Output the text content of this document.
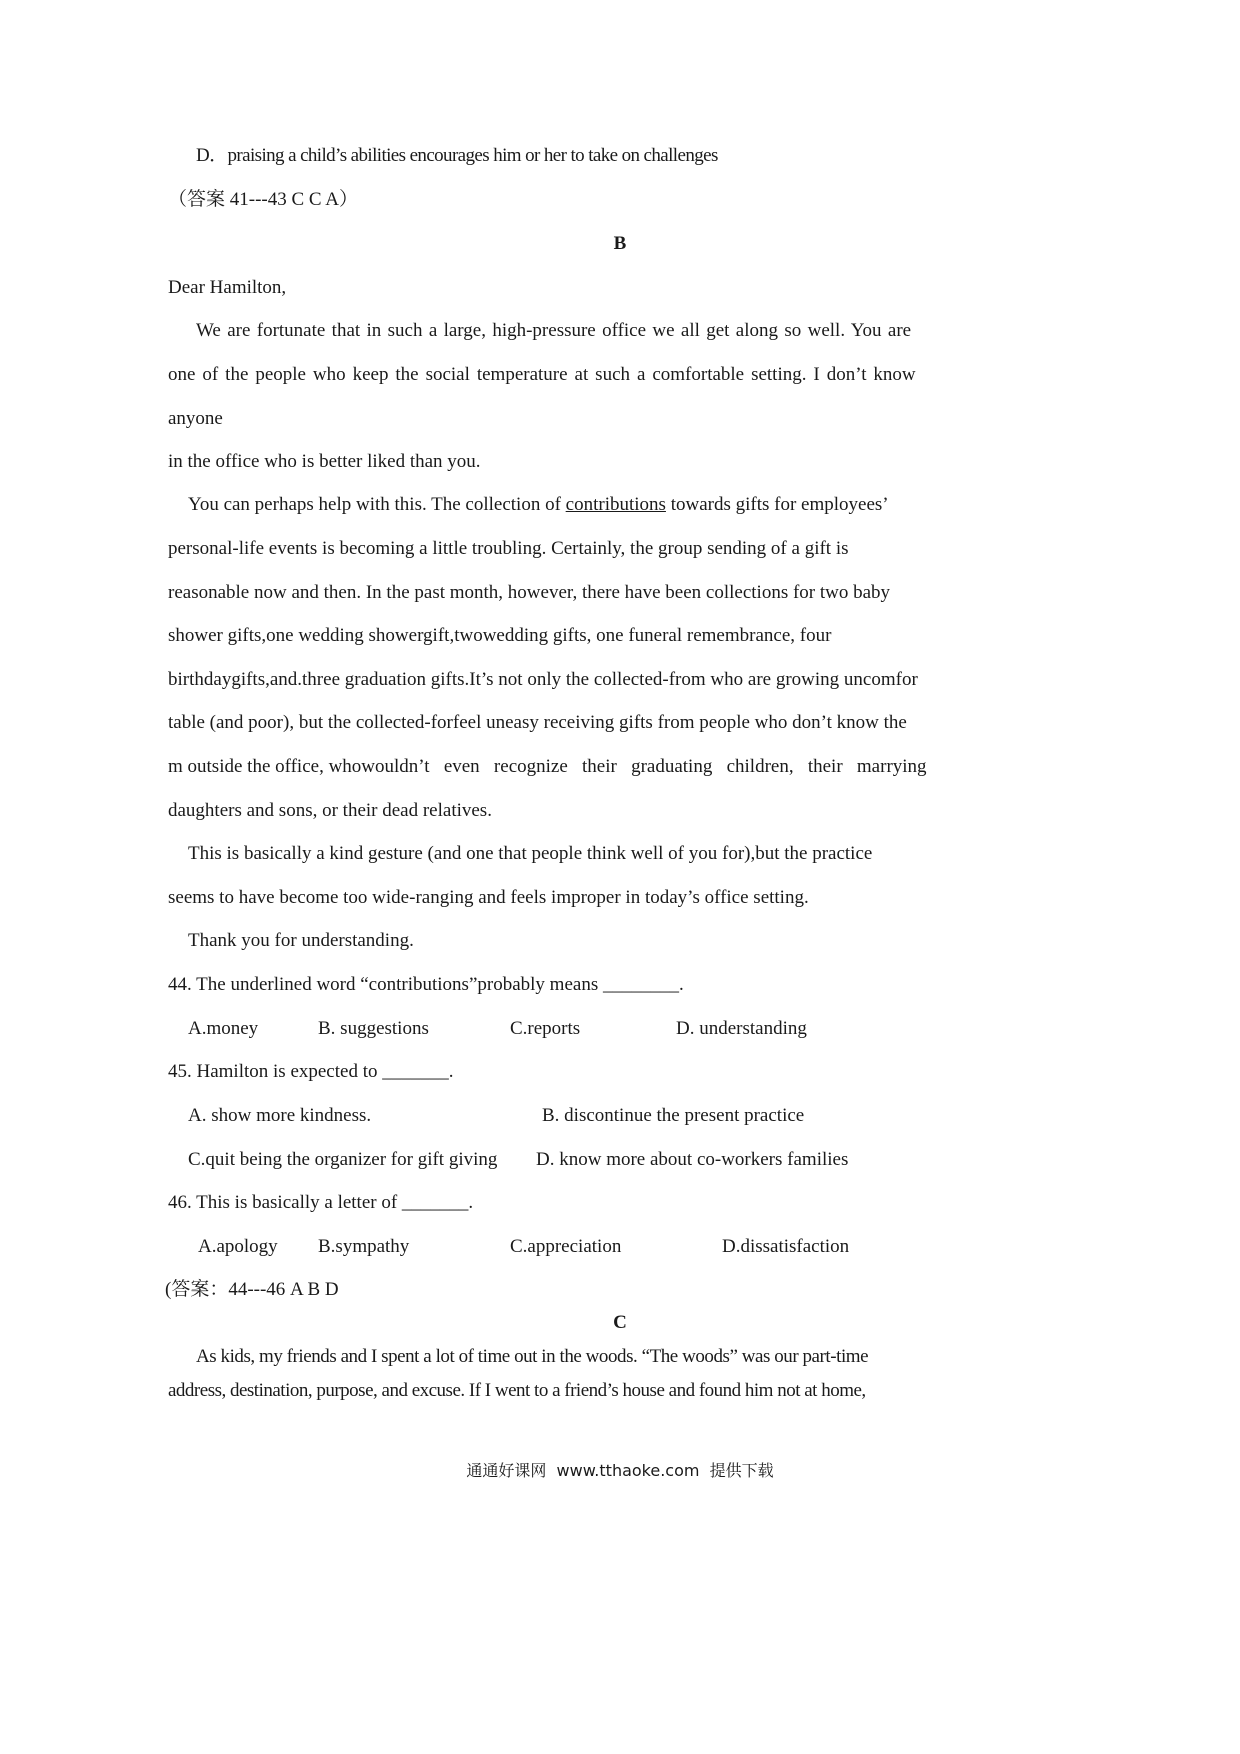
D．praising a child’s abilities encourages him or her to take on challenges
（答案 41---43 C C A）
B
Dear Hamilton,
We are fortunate that in such a large, high-pressure office we all get along so well. You are
one of the people who keep the social temperature at such a comfortable setting. I don’t know
anyone
in the office who is better liked than you.
You can perhaps help with this. The collection of contributions towards gifts for employees’
personal-life events is becoming a little troubling. Certainly, the group sending of a gift is
reasonable now and then. In the past month, however, there have been collections for two baby
shower gifts,one wedding showergift,twowedding gifts, one funeral remembrance, four
birthdaygifts,and.three graduation gifts.It’s not only the collected-from who are growing uncomfor
table (and poor), but the collected-forfeel uneasy receiving gifts from people who don’t know the
m outside the office, whowouldn’t   even   recognize   their   graduating   children,   their   marrying
daughters and sons, or their dead relatives.
This is basically a kind gesture (and one that people think well of you for),but the practice
seems to have become too wide-ranging and feels improper in today’s office setting.
Thank you for understanding.
44. The underlined word “contributions”probably means ________.
A.money	B. suggestions	C.reports	D. understanding
45. Hamilton is expected to _______.
A. show more kindness.	B. discontinue the present practice
C.quit being the organizer for gift giving D. know more about co-workers families
46. This is basically a letter of _______.
A.apology B.sympathy	C.appreciation	D.dissatisfaction
(答案：44---46 A B D
C
As kids, my friends and I spent a lot of time out in the woods. “The woods” was our part-time
address, destination, purpose, and excuse. If I went to a friend’s house and found him not at home,
通通好课网  www.tthaoke.com  提供下载
